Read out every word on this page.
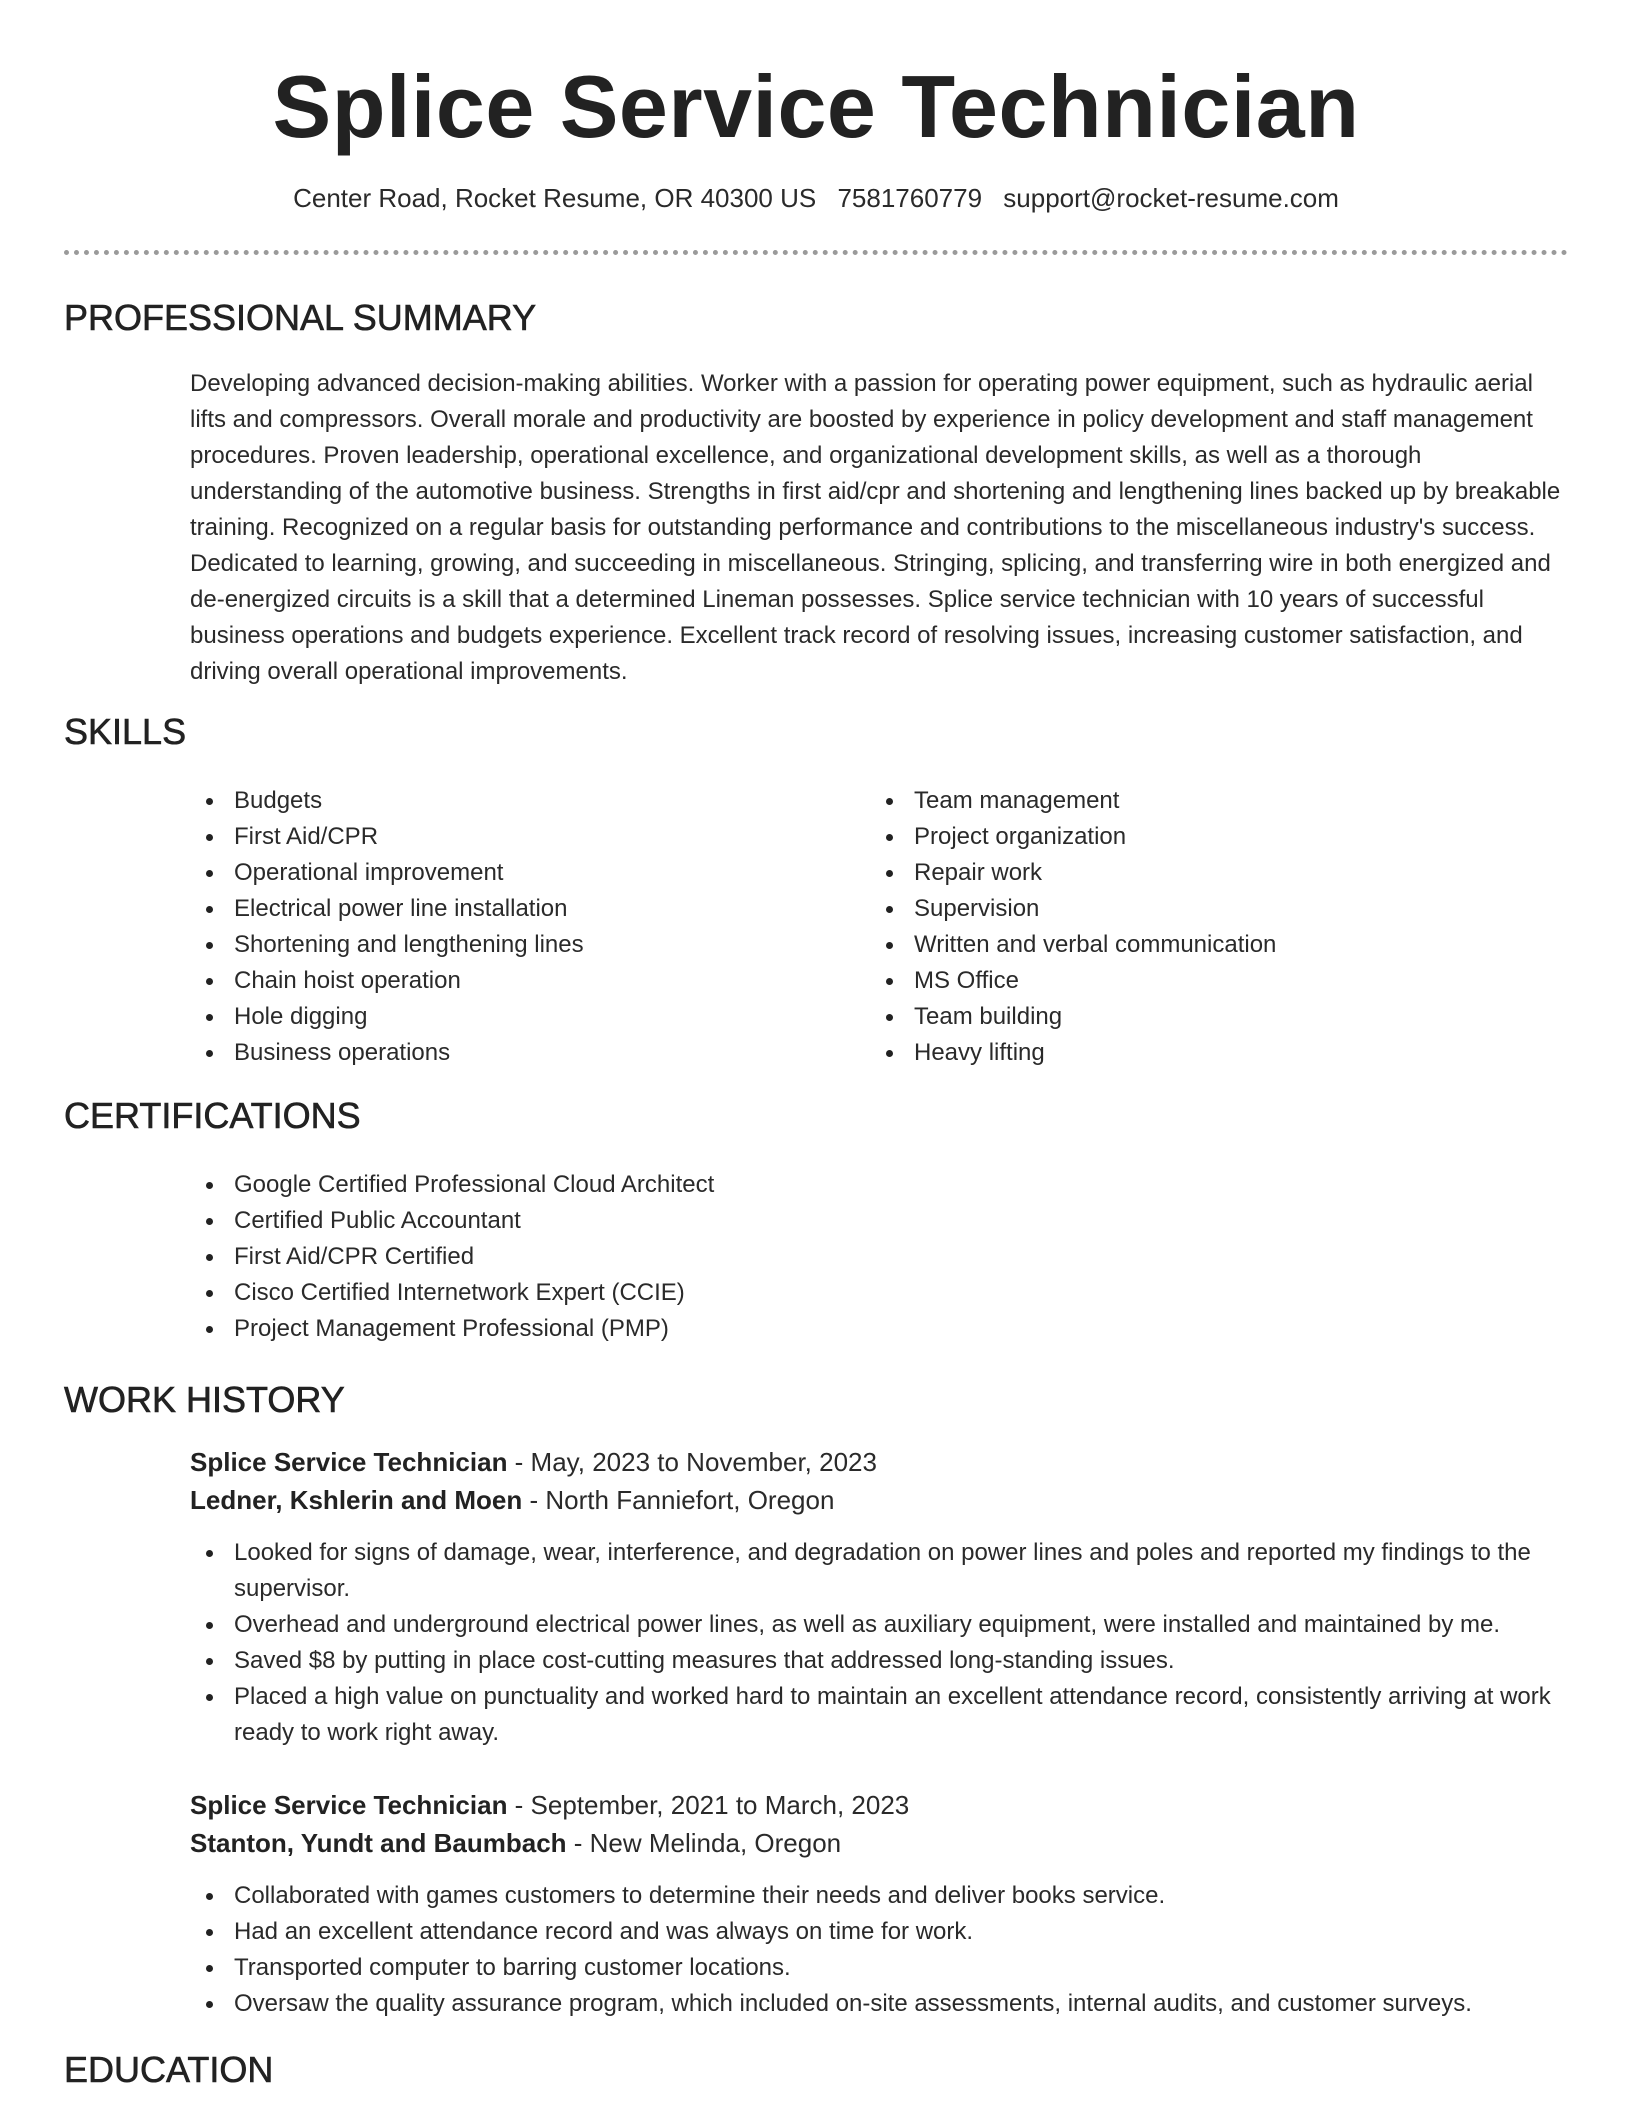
Splice Service Technician
Center Road, Rocket Resume, OR 40300 US 7581760779 support@rocket-resume.com
PROFESSIONAL SUMMARY

Developing advanced decision-making abilities. Worker with a passion for operating power equipment, such as hydraulic aerial lifts and compressors. Overall morale and productivity are boosted by experience in policy development and staff management procedures. Proven leadership, operational excellence, and organizational development skills, as well as a thorough understanding of the automotive business. Strengths in first aid/cpr and shortening and lengthening lines backed up by breakable training. Recognized on a regular basis for outstanding performance and contributions to the miscellaneous industry's success. Dedicated to learning, growing, and succeeding in miscellaneous. Stringing, splicing, and transferring wire in both energized and de-energized circuits is a skill that a determined Lineman possesses. Splice service technician with 10 years of successful business operations and budgets experience. Excellent track record of resolving issues, increasing customer satisfaction, and driving overall operational improvements.

SKILLS
Budgets
First Aid/CPR
Operational improvement
Electrical power line installation
Shortening and lengthening lines
Chain hoist operation
Hole digging
Business operations
Team management
Project organization
Repair work
Supervision
Written and verbal communication
MS Office
Team building
Heavy lifting
CERTIFICATIONS
Google Certified Professional Cloud Architect
Certified Public Accountant
First Aid/CPR Certified
Cisco Certified Internetwork Expert (CCIE)
Project Management Professional (PMP)
WORK HISTORY
Splice Service Technician - May, 2023 to November, 2023
Ledner, Kshlerin and Moen - North Fanniefort, Oregon
Looked for signs of damage, wear, interference, and degradation on power lines and poles and reported my findings to the supervisor.
Overhead and underground electrical power lines, as well as auxiliary equipment, were installed and maintained by me.
Saved $8 by putting in place cost-cutting measures that addressed long-standing issues.
Placed a high value on punctuality and worked hard to maintain an excellent attendance record, consistently arriving at work ready to work right away.
Splice Service Technician - September, 2021 to March, 2023
Stanton, Yundt and Baumbach - New Melinda, Oregon
Collaborated with games customers to determine their needs and deliver books service.
Had an excellent attendance record and was always on time for work.
Transported computer to barring customer locations.
Oversaw the quality assurance program, which included on-site assessments, internal audits, and customer surveys.
EDUCATION
